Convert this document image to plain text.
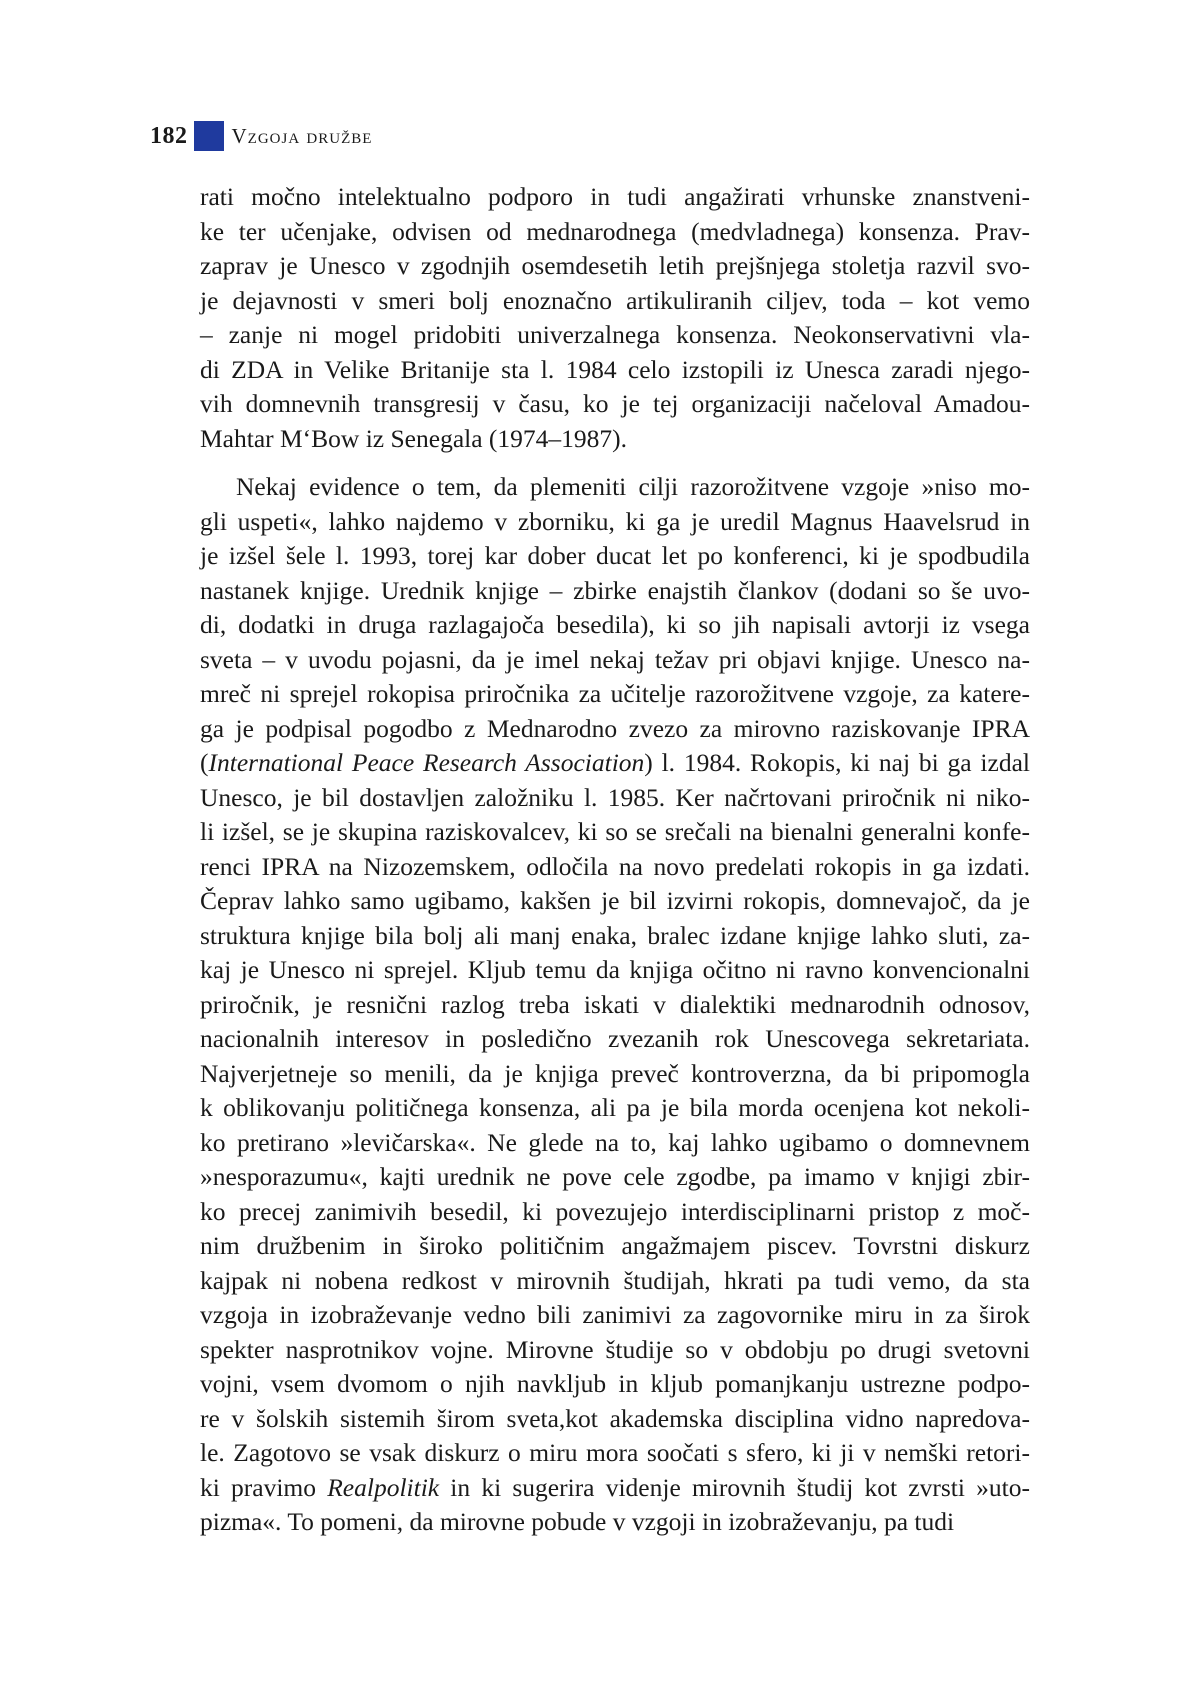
182 Vzgoja družbe
rati močno intelektualno podporo in tudi angažirati vrhunske znanstveni-
ke ter učenjake, odvisen od mednarodnega (medvladnega) konsenza. Prav-
zaprav je Unesco v zgodnjih osemdesetih letih prejšnjega stoletja razvil svo-
je dejavnosti v smeri bolj enoznačno artikuliranih ciljev, toda – kot vemo
– zanje ni mogel pridobiti univerzalnega konsenza. Neokonservativni vla-
di ZDA in Velike Britanije sta l. 1984 celo izstopili iz Unesca zaradi njego-
vih domnevnih transgresij v času, ko je tej organizaciji načeloval Amadou-
Mahtar M‘Bow iz Senegala (1974–1987).
Nekaj evidence o tem, da plemeniti cilji razorožitvene vzgoje »niso mo-
gli uspeti«, lahko najdemo v zborniku, ki ga je uredil Magnus Haavelsrud in
je izšel šele l. 1993, torej kar dober ducat let po konferenci, ki je spodbudila
nastanek knjige. Urednik knjige – zbirke enajstih člankov (dodani so še uvo-
di, dodatki in druga razlagajoča besedila), ki so jih napisali avtorji iz vsega
sveta – v uvodu pojasni, da je imel nekaj težav pri objavi knjige. Unesco na-
mreč ni sprejel rokopisa priročnika za učitelje razorožitvene vzgoje, za katere-
ga je podpisal pogodbo z Mednarodno zvezo za mirovno raziskovanje IPRA
(International Peace Research Association) l. 1984. Rokopis, ki naj bi ga izdal
Unesco, je bil dostavljen založniku l. 1985. Ker načrtovani priročnik ni niko-
li izšel, se je skupina raziskovalcev, ki so se srečali na bienalni generalni konfe-
renci IPRA na Nizozemskem, odločila na novo predelati rokopis in ga izdati.
Čeprav lahko samo ugibamo, kakšen je bil izvirni rokopis, domnevajoč, da je
struktura knjige bila bolj ali manj enaka, bralec izdane knjige lahko sluti, za-
kaj je Unesco ni sprejel. Kljub temu da knjiga očitno ni ravno konvencionalni
priročnik, je resnični razlog treba iskati v dialektiki mednarodnih odnosov,
nacionalnih interesov in posledično zvezanih rok Unescovega sekretariata.
Najverjetneje so menili, da je knjiga preveč kontroverzna, da bi pripomogla
k oblikovanju političnega konsenza, ali pa je bila morda ocenjena kot nekoli-
ko pretirano »levičarska«. Ne glede na to, kaj lahko ugibamo o domnevnem
»nesporazumu«, kajti urednik ne pove cele zgodbe, pa imamo v knjigi zbir-
ko precej zanimivih besedil, ki povezujejo interdisciplinarni pristop z moč-
nim družbenim in široko političnim angažmajem piscev. Tovrstni diskurz
kajpak ni nobena redkost v mirovnih študijah, hkrati pa tudi vemo, da sta
vzgoja in izobraževanje vedno bili zanimivi za zagovornike miru in za širok
spekter nasprotnikov vojne. Mirovne študije so v obdobju po drugi svetovni
vojni, vsem dvomom o njih navkljub in kljub pomanjkanju ustrezne podpo-
re v šolskih sistemih širom sveta,kot akademska disciplina vidno napredova-
le. Zagotovo se vsak diskurz o miru mora soočati s sfero, ki ji v nemški retori-
ki pravimo Realpolitik in ki sugerira videnje mirovnih študij kot zvrsti »uto-
pizma«. To pomeni, da mirovne pobude v vzgoji in izobraževanju, pa tudi
